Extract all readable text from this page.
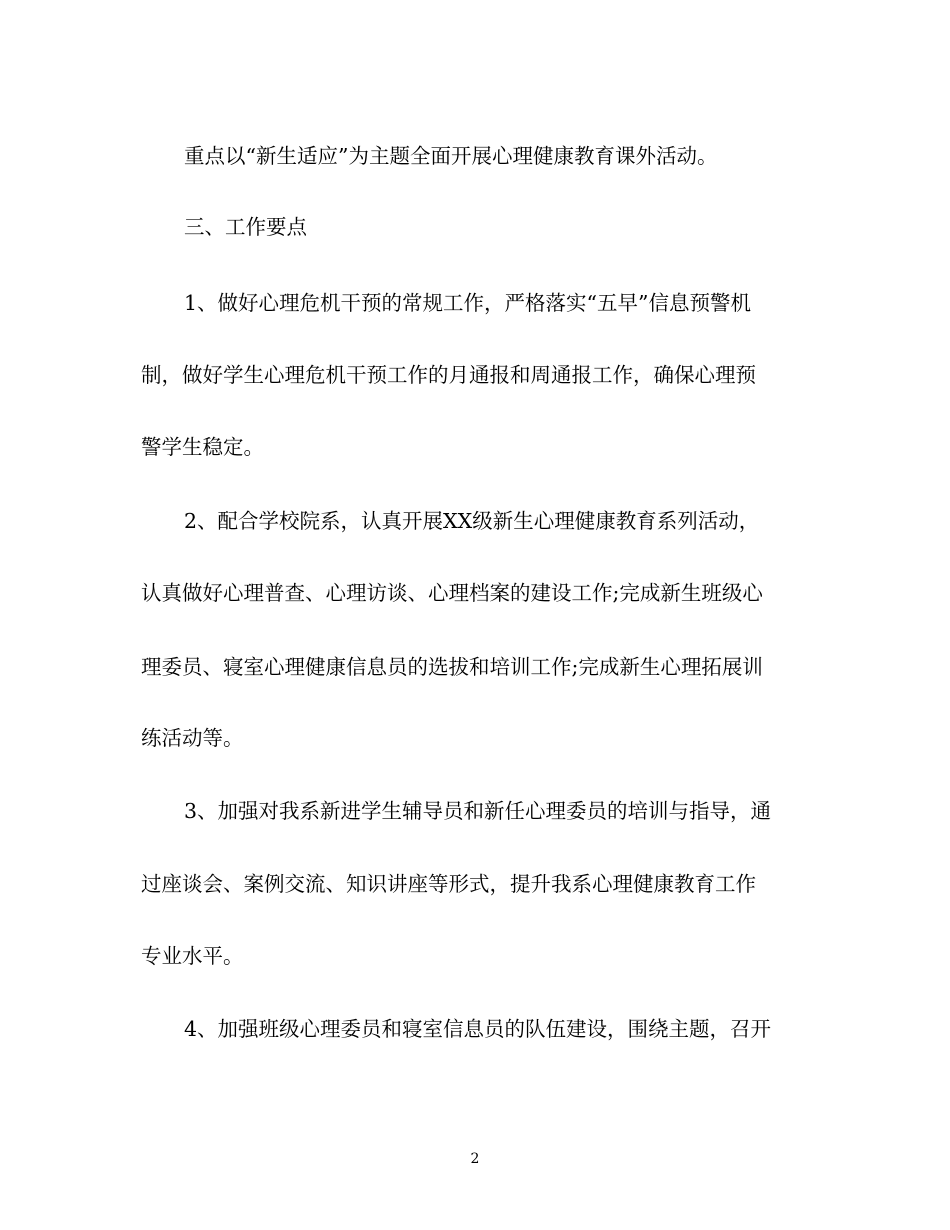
重点以“新生适应”为主题全面开展心理健康教育课外活动。
三、工作要点
1、做好心理危机干预的常规工作，严格落实“五早”信息预警机
制，做好学生心理危机干预工作的月通报和周通报工作，确保心理预
警学生稳定。
2、配合学校院系，认真开展XX级新生心理健康教育系列活动，
认真做好心理普查、心理访谈、心理档案的建设工作;完成新生班级心
理委员、寝室心理健康信息员的选拔和培训工作;完成新生心理拓展训
练活动等。
3、加强对我系新进学生辅导员和新任心理委员的培训与指导，通
过座谈会、案例交流、知识讲座等形式，提升我系心理健康教育工作
专业水平。
4、加强班级心理委员和寝室信息员的队伍建设，围绕主题，召开
2
